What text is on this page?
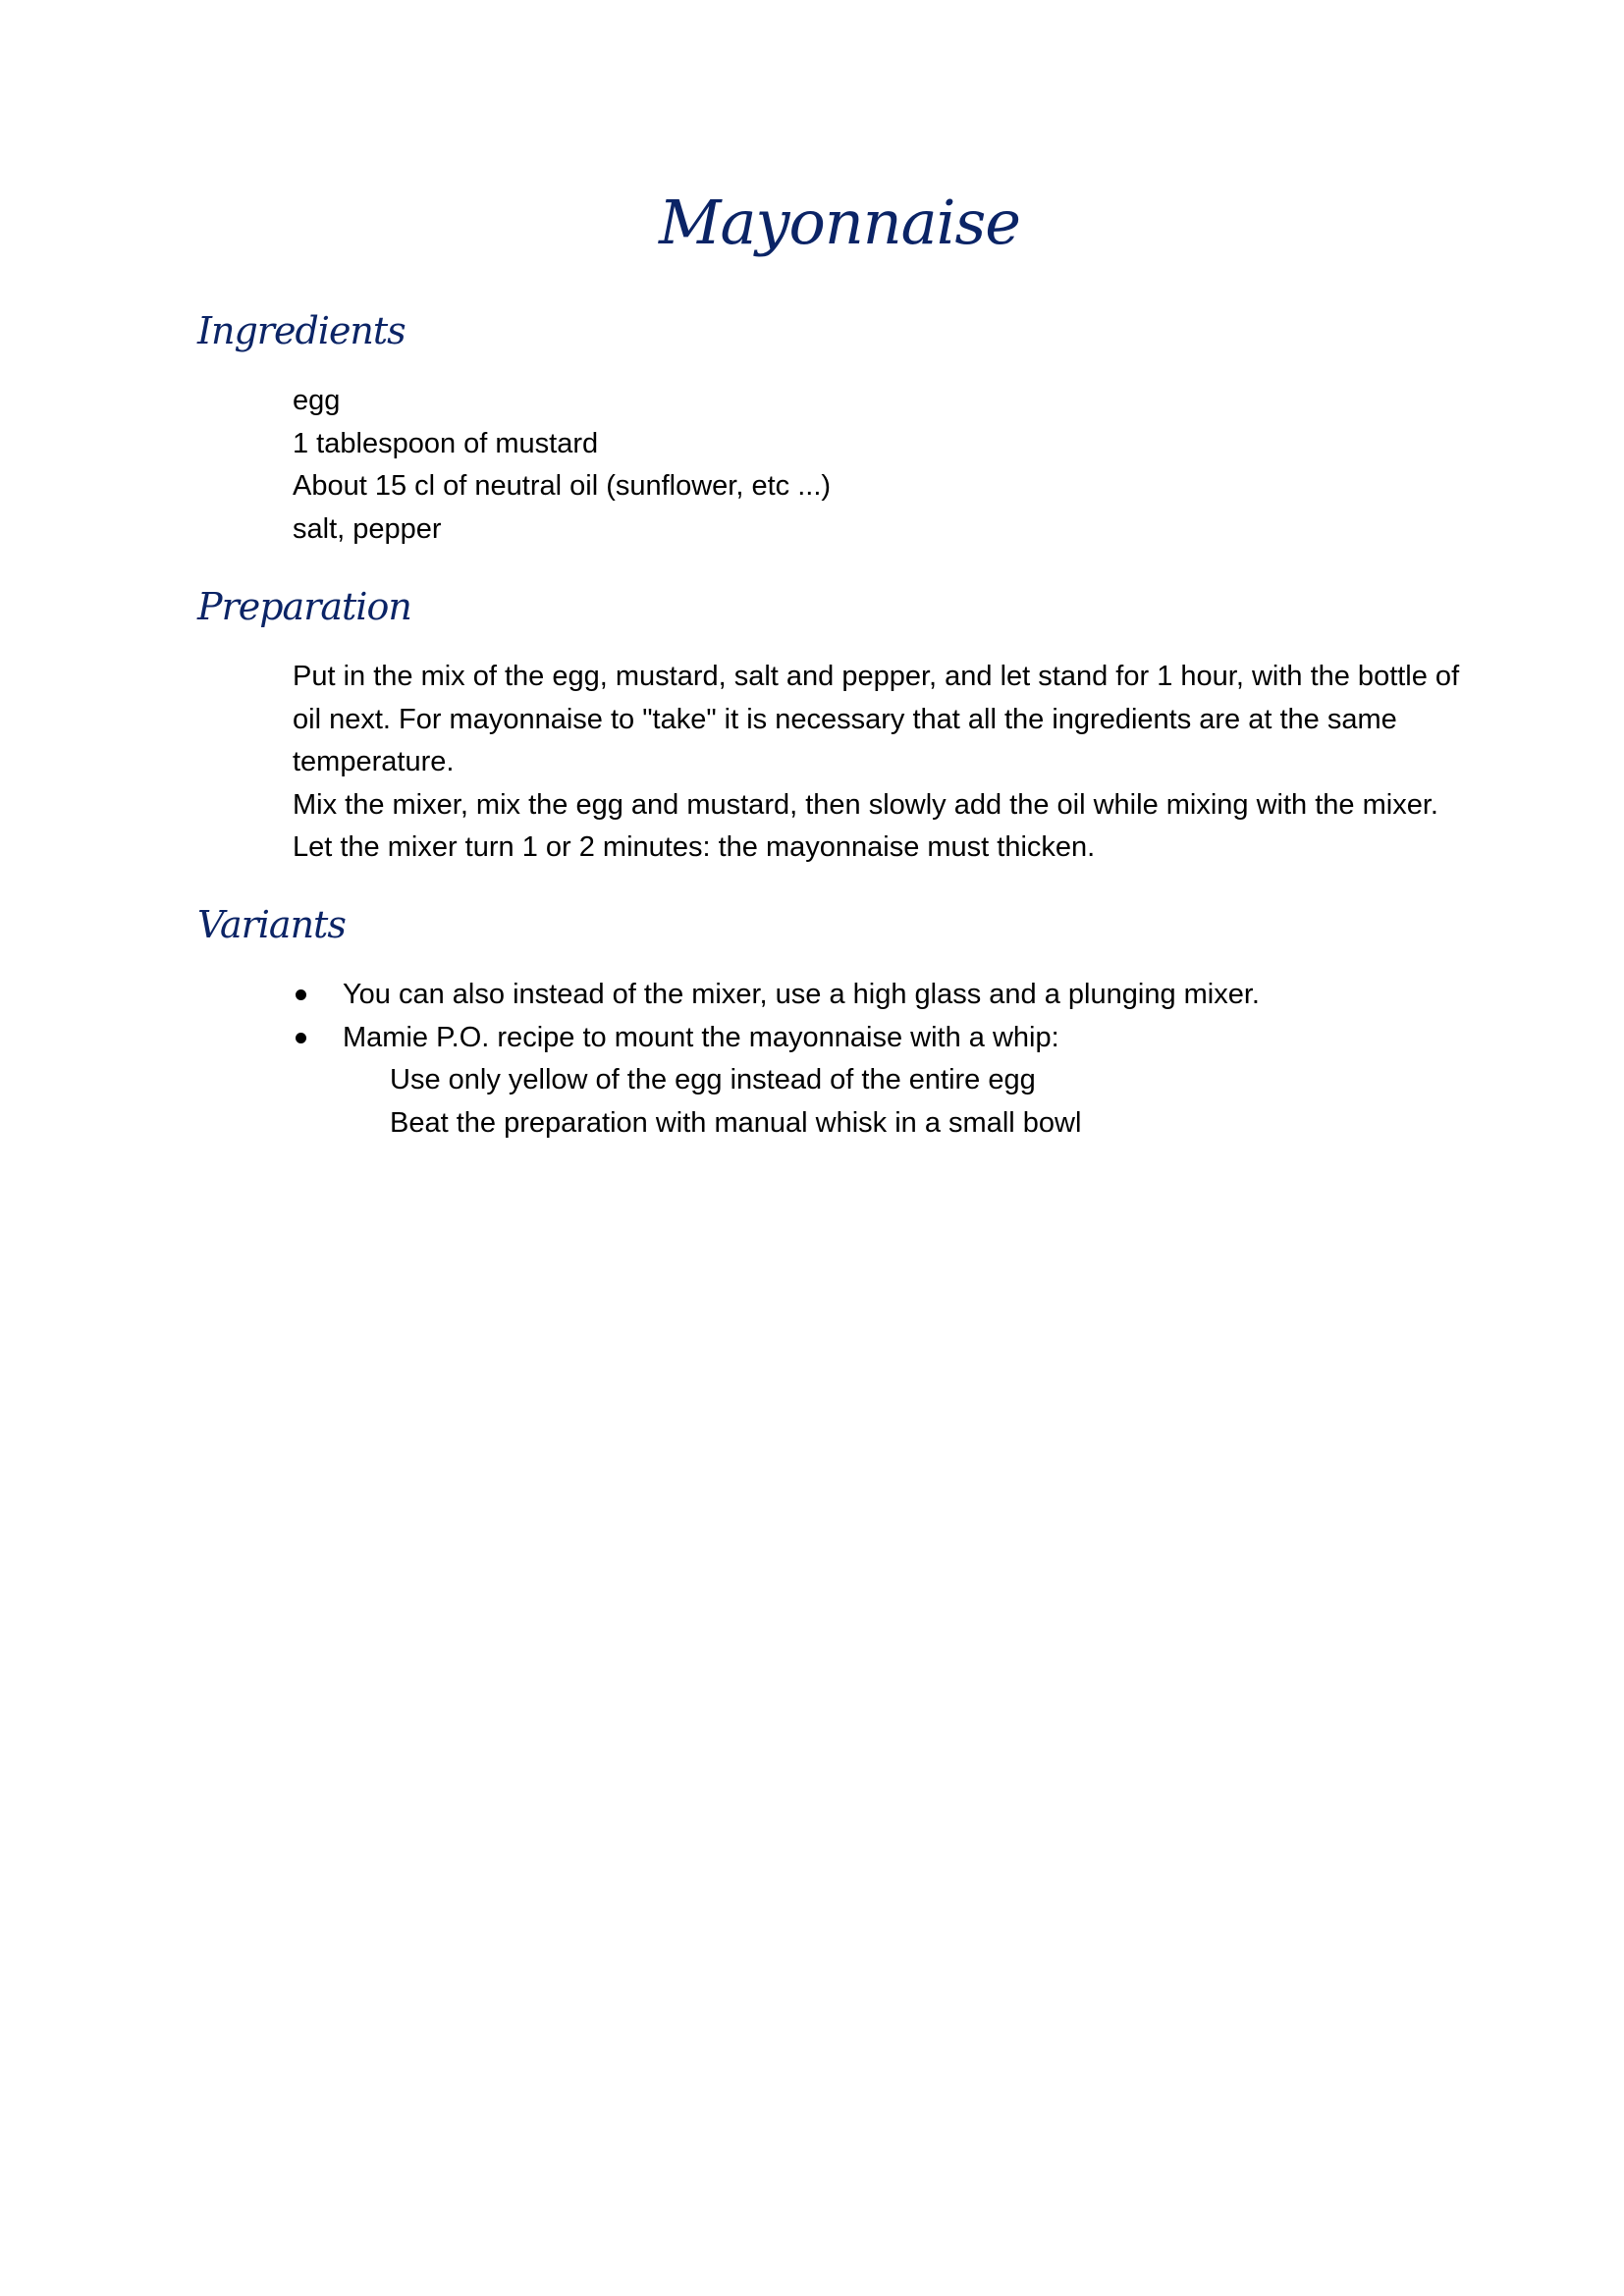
Mayonnaise
Ingredients

egg

1 tablespoon of mustard

About 15 cl of neutral oil (sunflower, etc ...)

salt, pepper

Preparation

Put in the mix of the egg, mustard, salt and pepper, and let stand for 1 hour, with the bottle of

oil next. For mayonnaise to "take" it is necessary that all the ingredients are at the same

temperature.

Mix the mixer, mix the egg and mustard, then slowly add the oil while mixing with the mixer.

Let the mixer turn 1 or 2 minutes: the mayonnaise must thicken.

Variants
You can also instead of the mixer, use a high glass and a plunging mixer.
Mamie P.O. recipe to mount the mayonnaise with a whip:

Use only yellow of the egg instead of the entire egg

Beat the preparation with manual whisk in a small bowl
